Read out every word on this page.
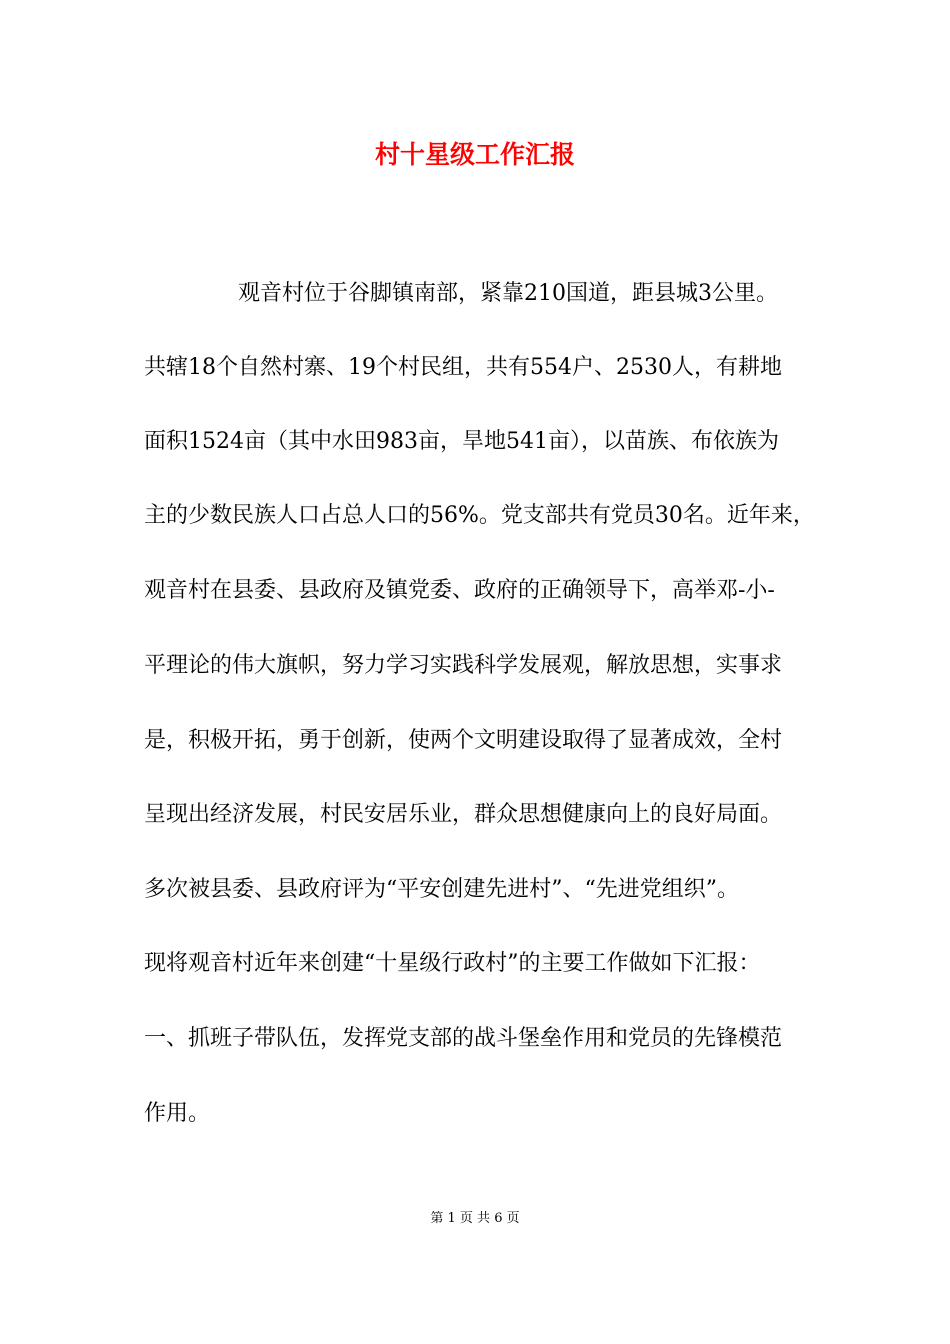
村十星级工作汇报

观音村位于谷脚镇南部，紧靠210国道，距县城3公里。

共辖18个自然村寨、19个村民组，共有554户、2530人，有耕地

面积1524亩（其中水田983亩，旱地541亩），以苗族、布依族为

主的少数民族人口占总人口的56%。党支部共有党员30名。近年来，

观音村在县委、县政府及镇党委、政府的正确领导下，高举邓-小-

平理论的伟大旗帜，努力学习实践科学发展观，解放思想，实事求

是，积极开拓，勇于创新，使两个文明建设取得了显著成效，全村

呈现出经济发展，村民安居乐业，群众思想健康向上的良好局面。

多次被县委、县政府评为“平安创建先进村”、“先进党组织”。

现将观音村近年来创建“十星级行政村”的主要工作做如下汇报：

一、抓班子带队伍，发挥党支部的战斗堡垒作用和党员的先锋模范

作用。

第 1 页 共 6 页
